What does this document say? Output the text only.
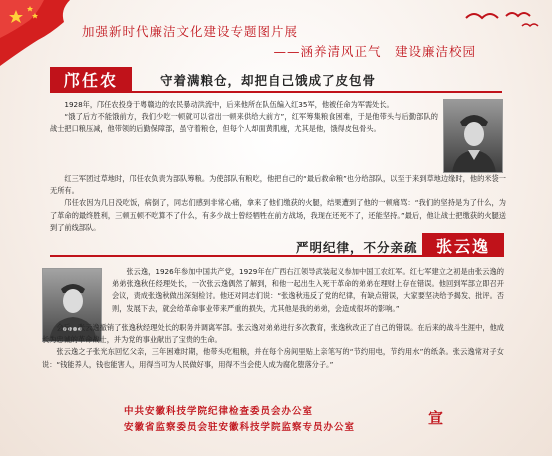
加强新时代廉洁文化建设专题图片展
——涵养清风正气　建设廉洁校园
邝任农	守着满粮仓，却把自己饿成了皮包骨

1928年，邝任农投身于粤赣边的农民暴动洪流中，后来他所在队伍编入红35军，他被任命为军需处长。

“饿了后方不能饿前方，我们少吃一顿就可以省出一顿来供给大前方”，红军筹集粮食困难，于是他带头与后勤部队的战士把口粮压减，他带领的后勤保障部，虽守着粮仓，但每个人却面黄肌瘦，尤其是他，饿得皮包骨头。

红三军团过草地时，邝任农负责为部队筹粮。为使部队有粮吃，他把自己的“最后救命粮”也分给部队，以至于来到草地边缘时，他的米袋一无所有。

邝任农因为几日没吃饭，病倒了，同志们感到非常心痛，拿来了他们缴获的火腿，结果遭到了他的一顿痛骂：“我们的坚持是为了什么，为了革命的最终胜利，三顿五顿不吃算不了什么，有多少战士曾经牺牲在前方战场，我现在还死不了，还能坚持。”最后，他让战士把缴获的火腿送到了前线部队。

严明纪律，不分亲疏 张云逸

张云逸，1926年参加中国共产党，1929年在广西右江领导武装起义参加中国工农红军。红七军建立之初是由张云逸的弟弟张逸秋任经理处长，一次张云逸偶然了解到，和他一起出生入死干革命的弟弟在理财上存在错误。他回到军部立即召开会议，责成张逸秋做出深刻检讨。他还对同志们说：“张逸秋违反了党的纪律，有缺点错误，大家要坚决给予揭发、批评。否则，发展下去，就会给革命事业带来严重的损失，尤其他是我的弟弟，会造成很坏的影响。”

会后，张云逸撤销了张逸秋经理处长的职务并调离军部。张云逸对弟弟进行多次教育，张逸秋改正了自己的错误。在后来的战斗生涯中，他成长为忠诚的革命战士，并为党的事业献出了宝贵的生命。

张云逸之子张光东回忆父亲，三年困难时期，他带头吃粗粮，并在每个房间里贴上亲笔写的“节约用电，节约用水”的纸条。张云逸常对子女说：“钱能养人，钱也能害人，用得当可为人民做好事，用得不当会使人成为腐化堕落分子。”

中共安徽科技学院纪律检查委员会办公室
安徽省监察委员会驻安徽科技学院监察专员办公室
宣
